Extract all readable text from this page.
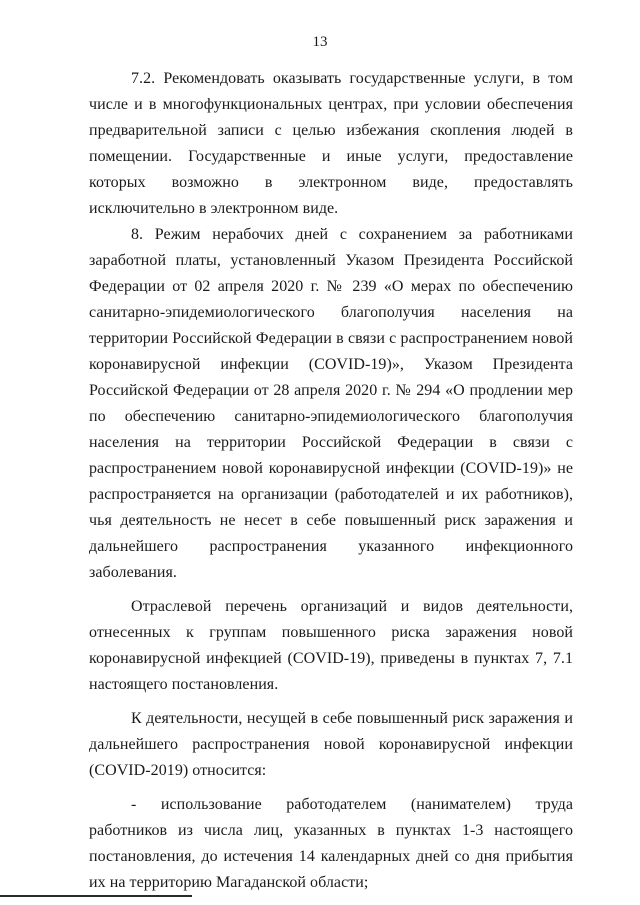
13

7.2. Рекомендовать оказывать государственные услуги, в том числе и в многофункциональных центрах, при условии обеспечения предварительной записи с целью избежания скопления людей в помещении. Государственные и иные услуги, предоставление которых возможно в электронном виде, предоставлять исключительно в электронном виде.

8. Режим нерабочих дней с сохранением за работниками заработной платы, установленный Указом Президента Российской Федерации от 02 апреля 2020 г. № 239 «О мерах по обеспечению санитарно-эпидемиологического благополучия населения на территории Российской Федерации в связи с распространением новой коронавирусной инфекции (COVID-19)», Указом Президента Российской Федерации от 28 апреля 2020 г. № 294 «О продлении мер по обеспечению санитарно-эпидемиологического благополучия населения на территории Российской Федерации в связи с распространением новой коронавирусной инфекции (COVID-19)» не распространяется на организации (работодателей и их работников), чья деятельность не несет в себе повышенный риск заражения и дальнейшего распространения указанного инфекционного заболевания.

Отраслевой перечень организаций и видов деятельности, отнесенных к группам повышенного риска заражения новой коронавирусной инфекцией (COVID-19), приведены в пунктах 7, 7.1 настоящего постановления.

К деятельности, несущей в себе повышенный риск заражения и дальнейшего распространения новой коронавирусной инфекции (COVID-2019) относится:

- использование работодателем (нанимателем) труда работников из числа лиц, указанных в пунктах 1-3 настоящего постановления, до истечения 14 календарных дней со дня прибытия их на территорию Магаданской области;
